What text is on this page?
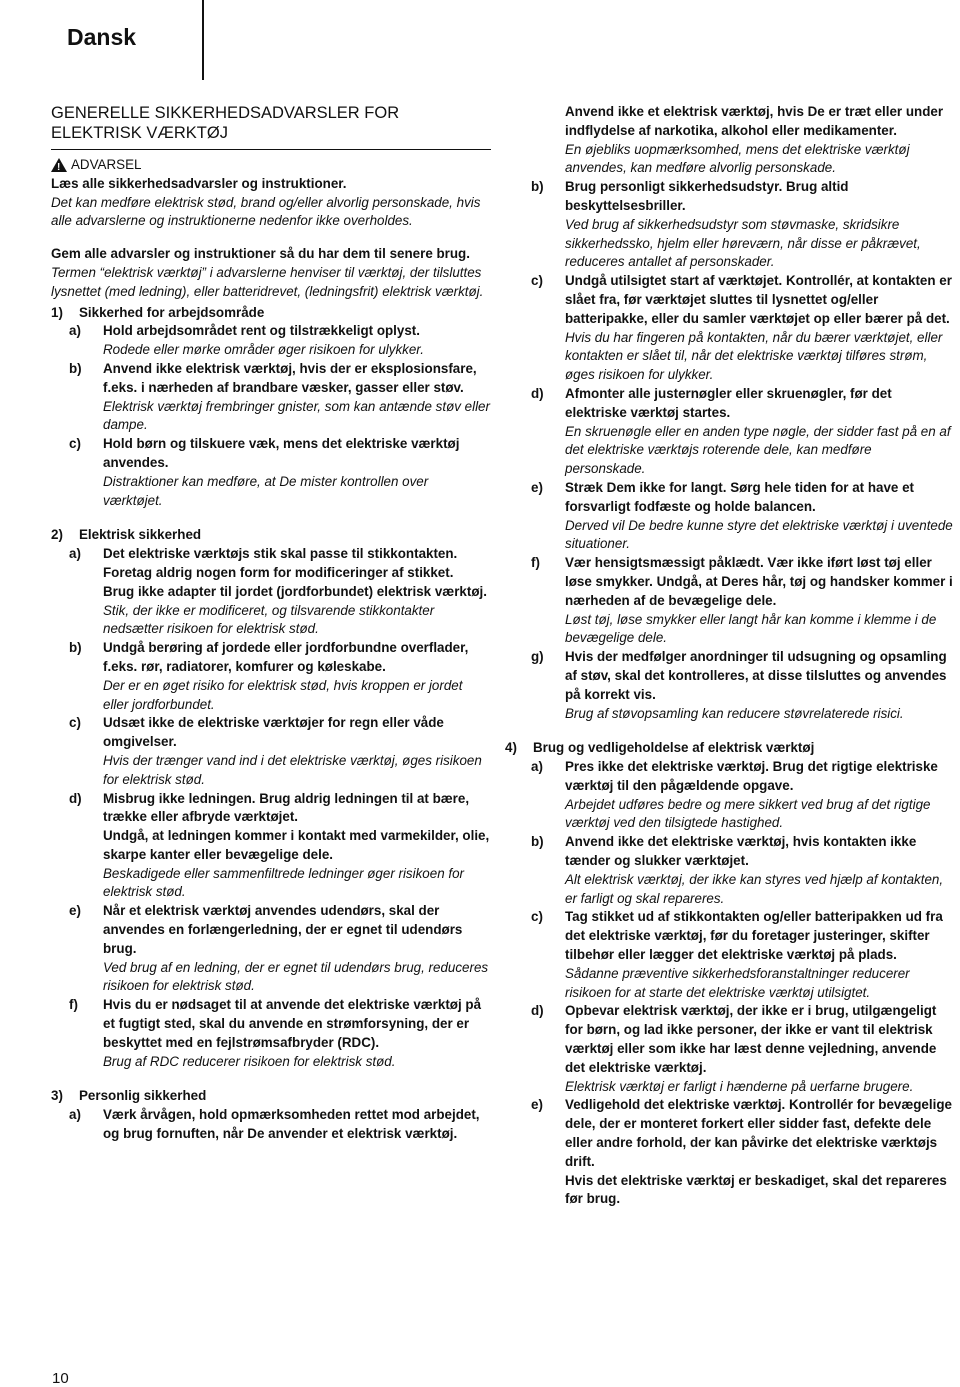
Dansk

GENERELLE SIKKERHEDSADVARSLER FOR ELEKTRISK VÆRKTØJ

!
ADVARSEL

Læs alle sikkerhedsadvarsler og instruktioner.

Det kan medføre elektrisk stød, brand og/eller alvorlig personskade, hvis alle advarslerne og instruktionerne nedenfor ikke overholdes.

Gem alle advarsler og instruktioner så du har dem til senere brug.

Termen “elektrisk værktøj” i advarslerne henviser til værktøj, der tilsluttes lysnettet (med ledning), eller batteridrevet, (ledningsfrit) elektrisk værktøj.

1)	Sikkerhed for arbejdsområde
a)	Hold arbejdsområdet rent og tilstrækkeligt oplyst.

Rodede eller mørke områder øger risikoen for ulykker.

b)	Anvend ikke elektrisk værktøj, hvis der er eksplosionsfare, f.eks. i nærheden af brandbare væsker, gasser eller støv.

Elektrisk værktøj frembringer gnister, som kan antænde støv eller dampe.

c)	Hold børn og tilskuere væk, mens det elektriske værktøj anvendes.

Distraktioner kan medføre, at De mister kontrollen over værktøjet.

2)	Elektrisk sikkerhed
a)	Det elektriske værktøjs stik skal passe til stikkontakten.

Foretag aldrig nogen form for modificeringer af stikket.

Brug ikke adapter til jordet (jordforbundet) elektrisk værktøj.

Stik, der ikke er modificeret, og tilsvarende stikkontakter nedsætter risikoen for elektrisk stød.

b)	Undgå berøring af jordede eller jordforbundne overflader, f.eks. rør, radiatorer, komfurer og køleskabe.

Der er en øget risiko for elektrisk stød, hvis kroppen er jordet eller jordforbundet.

c)	Udsæt ikke de elektriske værktøjer for regn eller våde omgivelser.

Hvis der trænger vand ind i det elektriske værktøj, øges risikoen for elektrisk stød.

d)	Misbrug ikke ledningen. Brug aldrig ledningen til at bære, trække eller afbryde værktøjet.

Undgå, at ledningen kommer i kontakt med varmekilder, olie, skarpe kanter eller bevægelige dele.

Beskadigede eller sammenfiltrede ledninger øger risikoen for elektrisk stød.

e)	Når et elektrisk værktøj anvendes udendørs, skal der anvendes en forlængerledning, der er egnet til udendørs brug.

Ved brug af en ledning, der er egnet til udendørs brug, reduceres risikoen for elektrisk stød.

f)	Hvis du er nødsaget til at anvende det elektriske værktøj på et fugtigt sted, skal du anvende en strømforsyning, der er beskyttet med en fejlstrømsafbryder (RDC).

Brug af RDC reducerer risikoen for elektrisk stød.

3)	Personlig sikkerhed
a)	Værk årvågen, hold opmærksomheden rettet mod arbejdet, og brug fornuften, når De anvender et elektrisk værktøj.

Anvend ikke et elektrisk værktøj, hvis De er træt eller under indflydelse af narkotika, alkohol eller medikamenter.

En øjebliks uopmærksomhed, mens det elektriske værktøj anvendes, kan medføre alvorlig personskade.

b)	Brug personligt sikkerhedsudstyr. Brug altid beskyttelsesbriller.

Ved brug af sikkerhedsudstyr som støvmaske, skridsikre sikkerhedssko, hjelm eller høreværn, når disse er påkrævet, reduceres antallet af personskader.

c)	Undgå utilsigtet start af værktøjet. Kontrollér, at kontakten er slået fra, før værktøjet sluttes til lysnettet og/eller batteripakke, eller du samler værktøjet op eller bærer på det.

Hvis du har fingeren på kontakten, når du bærer værktøjet, eller kontakten er slået til, når det elektriske værktøj tilføres strøm, øges risikoen for ulykker.

d)	Afmonter alle justernøgler eller skruenøgler, før det elektriske værktøj startes.

En skruenøgle eller en anden type nøgle, der sidder fast på en af det elektriske værktøjs roterende dele, kan medføre personskade.

e)	Stræk Dem ikke for langt. Sørg hele tiden for at have et forsvarligt fodfæste og holde balancen.

Derved vil De bedre kunne styre det elektriske værktøj i uventede situationer.

f)	Vær hensigtsmæssigt påklædt. Vær ikke iført løst tøj eller løse smykker. Undgå, at Deres hår, tøj og handsker kommer i nærheden af de bevægelige dele.

Løst tøj, løse smykker eller langt hår kan komme i klemme i de bevægelige dele.

g)	Hvis der medfølger anordninger til udsugning og opsamling af støv, skal det kontrolleres, at disse tilsluttes og anvendes på korrekt vis.

Brug af støvopsamling kan reducere støvrelaterede risici.

4)	Brug og vedligeholdelse af elektrisk værktøj
a)	Pres ikke det elektriske værktøj. Brug det rigtige elektriske værktøj til den pågældende opgave.

Arbejdet udføres bedre og mere sikkert ved brug af det rigtige værktøj ved den tilsigtede hastighed.

b)	Anvend ikke det elektriske værktøj, hvis kontakten ikke tænder og slukker værktøjet.

Alt elektrisk værktøj, der ikke kan styres ved hjælp af kontakten, er farligt og skal repareres.

c)	Tag stikket ud af stikkontakten og/eller batteripakken ud fra det elektriske værktøj, før du foretager justeringer, skifter tilbehør eller lægger det elektriske værktøj på plads.

Sådanne præventive sikkerhedsforanstaltninger reducerer risikoen for at starte det elektriske værktøj utilsigtet.

d)	Opbevar elektrisk værktøj, der ikke er i brug, utilgængeligt for børn, og lad ikke personer, der ikke er vant til elektrisk værktøj eller som ikke har læst denne vejledning, anvende det elektriske værktøj.

Elektrisk værktøj er farligt i hænderne på uerfarne brugere.

e)	Vedligehold det elektriske værktøj. Kontrollér for bevægelige dele, der er monteret forkert eller sidder fast, defekte dele eller andre forhold, der kan påvirke det elektriske værktøjs drift.

Hvis det elektriske værktøj er beskadiget, skal det repareres før brug.

10
